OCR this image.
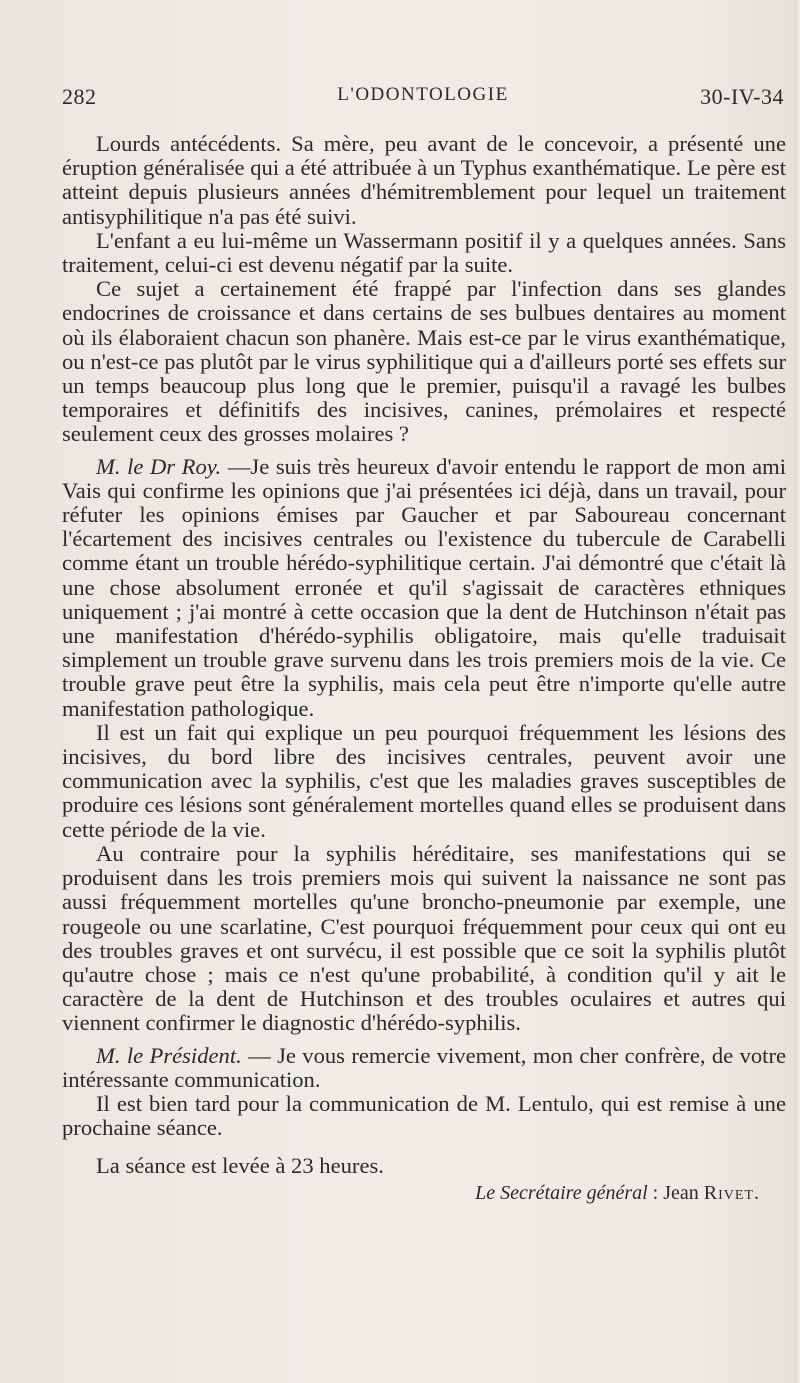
282	L'ODONTOLOGIE	30-IV-34

Lourds antécédents. Sa mère, peu avant de le concevoir, a présenté une éruption généralisée qui a été attribuée à un Typhus exanthématique. Le père est atteint depuis plusieurs années d'hémitremblement pour lequel un traitement antisyphilitique n'a pas été suivi.

L'enfant a eu lui-même un Wassermann positif il y a quelques années. Sans traitement, celui-ci est devenu négatif par la suite.

Ce sujet a certainement été frappé par l'infection dans ses glandes endocrines de croissance et dans certains de ses bulbues dentaires au moment où ils élaboraient chacun son phanère. Mais est-ce par le virus exanthématique, ou n'est-ce pas plutôt par le virus syphilitique qui a d'ailleurs porté ses effets sur un temps beaucoup plus long que le premier, puisqu'il a ravagé les bulbes temporaires et définitifs des incisives, canines, prémolaires et respecté seulement ceux des grosses molaires ?

M. le Dr Roy. —Je suis très heureux d'avoir entendu le rapport de mon ami Vais qui confirme les opinions que j'ai présentées ici déjà, dans un travail, pour réfuter les opinions émises par Gaucher et par Saboureau concernant l'écartement des incisives centrales ou l'existence du tubercule de Carabelli comme étant un trouble hérédo-syphilitique certain. J'ai démontré que c'était là une chose absolument erronée et qu'il s'agissait de caractères ethniques uniquement ; j'ai montré à cette occasion que la dent de Hutchinson n'était pas une manifestation d'hérédo-syphilis obligatoire, mais qu'elle traduisait simplement un trouble grave survenu dans les trois premiers mois de la vie. Ce trouble grave peut être la syphilis, mais cela peut être n'importe qu'elle autre manifestation pathologique.

Il est un fait qui explique un peu pourquoi fréquemment les lésions des incisives, du bord libre des incisives centrales, peuvent avoir une communication avec la syphilis, c'est que les maladies graves susceptibles de produire ces lésions sont généralement mortelles quand elles se produisent dans cette période de la vie.

Au contraire pour la syphilis héréditaire, ses manifestations qui se produisent dans les trois premiers mois qui suivent la naissance ne sont pas aussi fréquemment mortelles qu'une broncho-pneumonie par exemple, une rougeole ou une scarlatine, C'est pourquoi fréquemment pour ceux qui ont eu des troubles graves et ont survécu, il est possible que ce soit la syphilis plutôt qu'autre chose ; mais ce n'est qu'une probabilité, à condition qu'il y ait le caractère de la dent de Hutchinson et des troubles oculaires et autres qui viennent confirmer le diagnostic d'hérédo-syphilis.

M. le Président. — Je vous remercie vivement, mon cher confrère, de votre intéressante communication.

Il est bien tard pour la communication de M. Lentulo, qui est remise à une prochaine séance.

La séance est levée à 23 heures.

Le Secrétaire général : Jean Rivet.
